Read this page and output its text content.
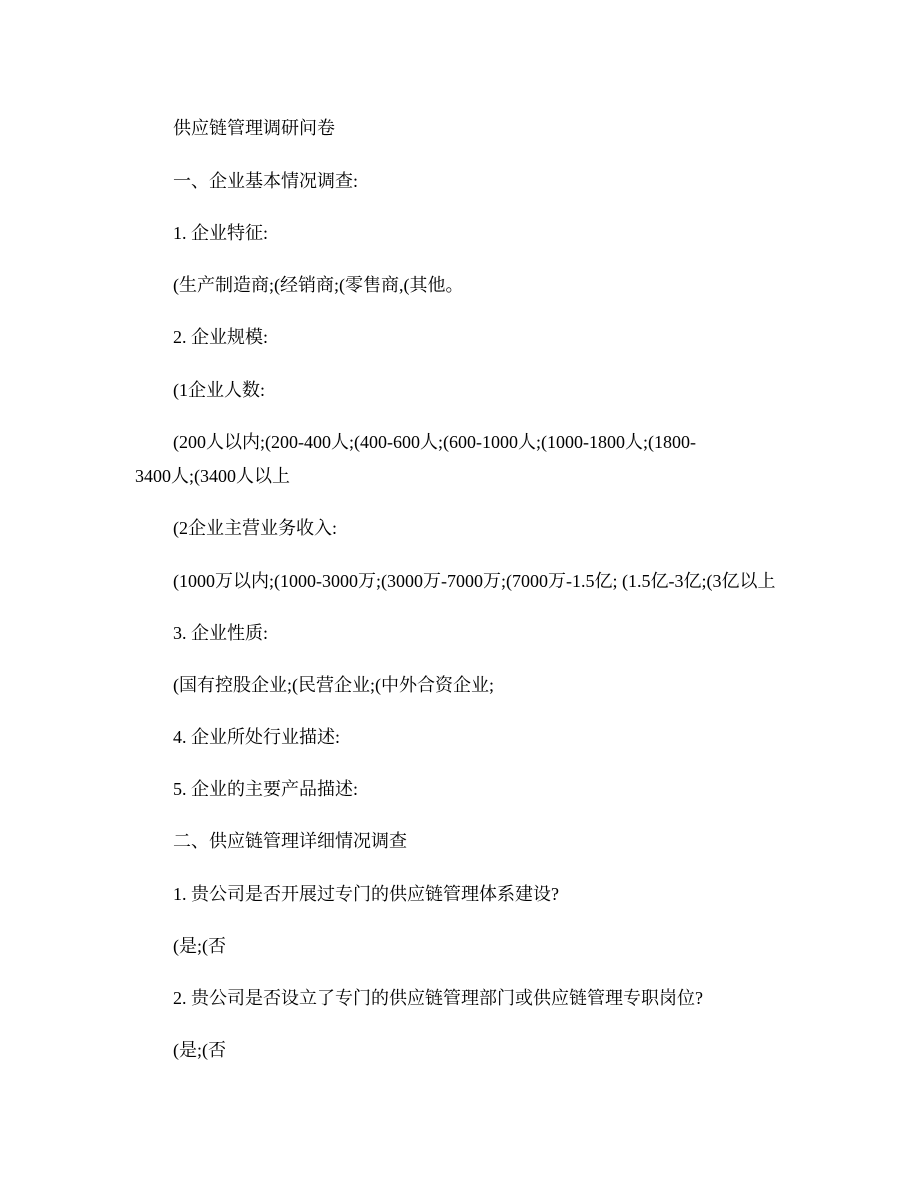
供应链管理调研问卷
一、企业基本情况调查:
1. 企业特征:
(生产制造商;(经销商;(零售商,(其他。
2. 企业规模:
(1企业人数:
(200人以内;(200-400人;(400-600人;(600-1000人;(1000-1800人;(1800-
3400人;(3400人以上
(2企业主营业务收入:
(1000万以内;(1000-3000万;(3000万-7000万;(7000万-1.5亿; (1.5亿-3亿;(3亿以上
3. 企业性质:
(国有控股企业;(民营企业;(中外合资企业;
4. 企业所处行业描述:
5. 企业的主要产品描述:
二、供应链管理详细情况调查
1. 贵公司是否开展过专门的供应链管理体系建设?
(是;(否
2. 贵公司是否设立了专门的供应链管理部门或供应链管理专职岗位?
(是;(否
